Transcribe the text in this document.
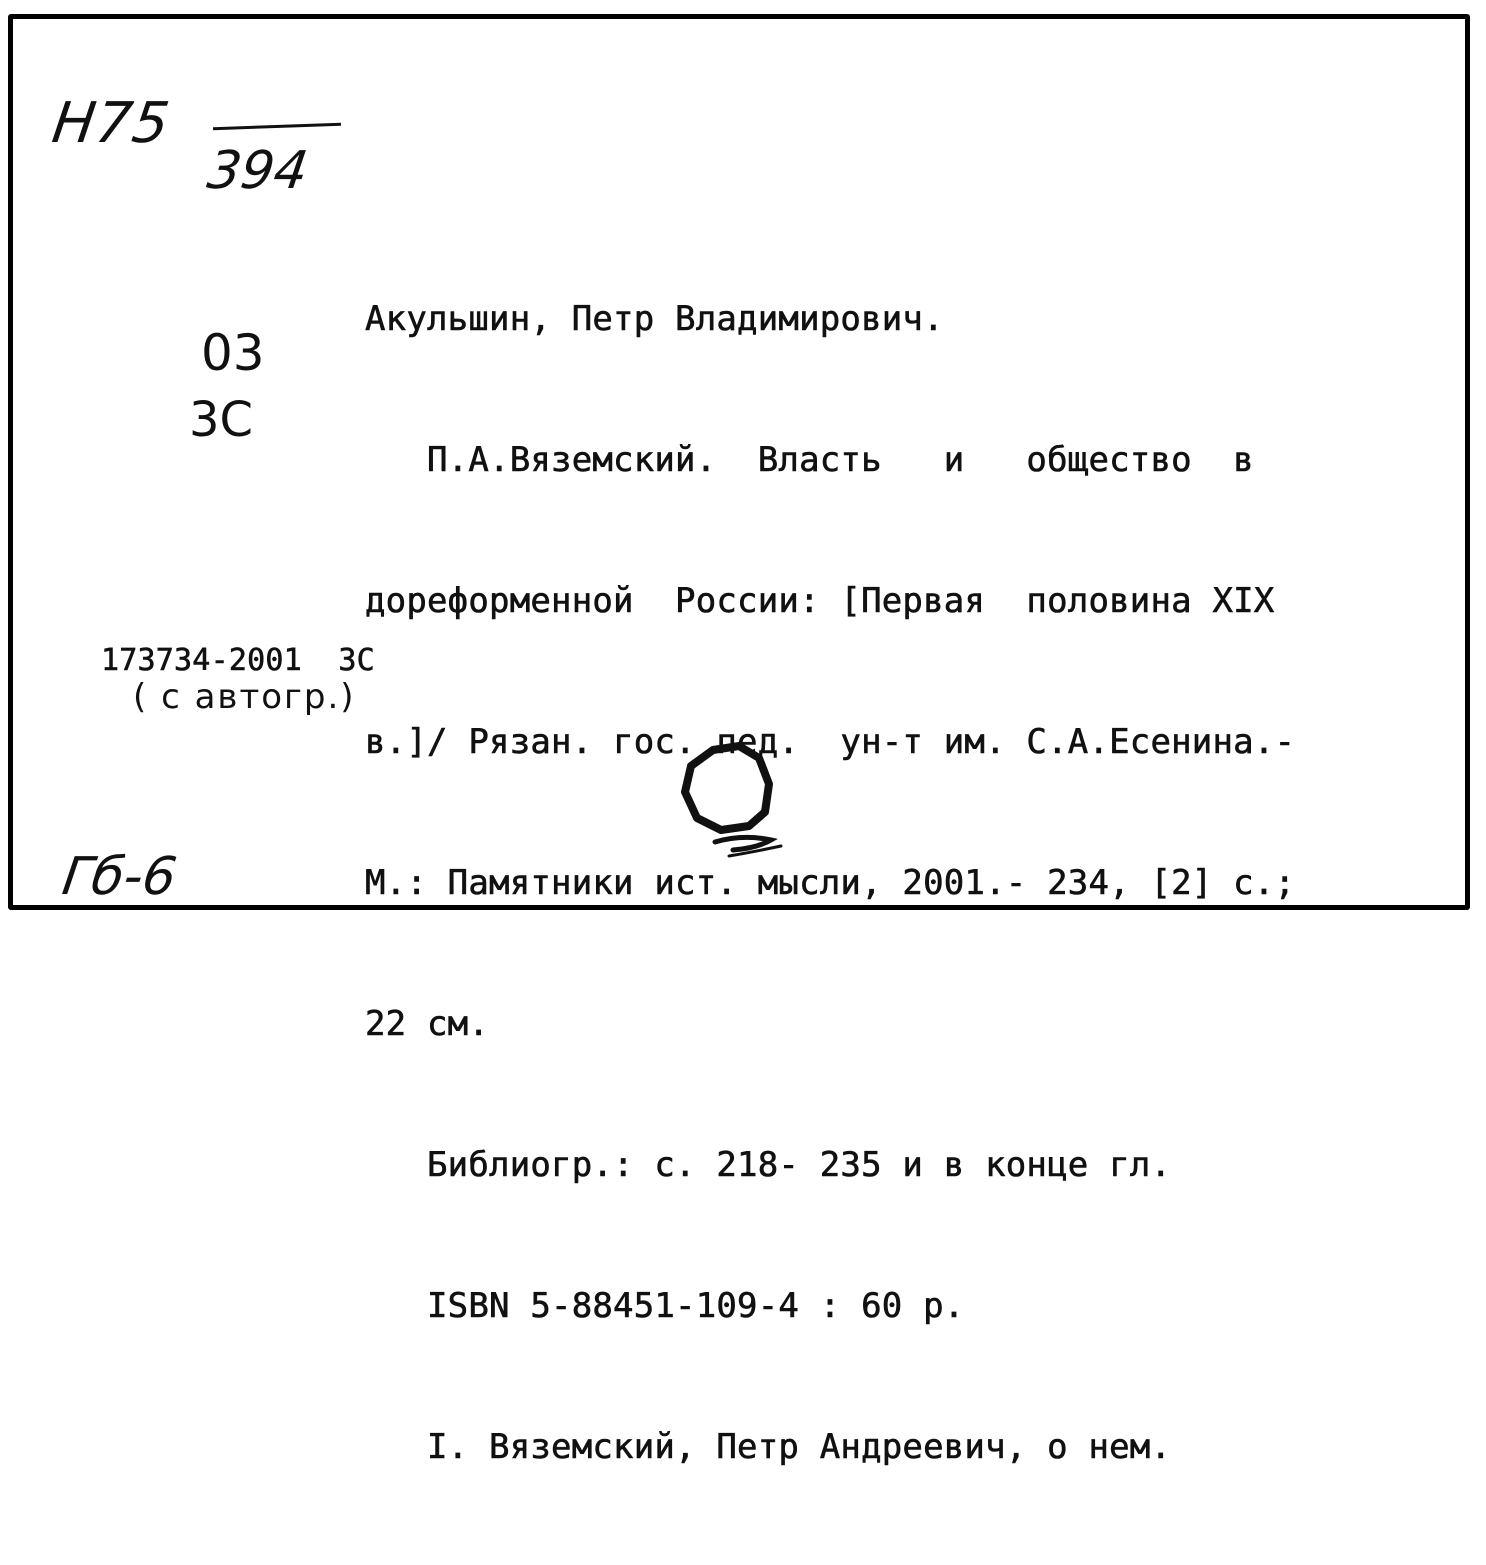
Н75
394
03
3С

Акульшин, Петр Владимирович.

П.А.Вяземский.  Власть   и   общество  в

дореформенной  России: [Первая  половина XIX

в.]/ Рязан. гос. пед.  ун-т им. С.А.Есенина.-

М.: Памятники ист. мысли, 2001.- 234, [2] с.;

22 см.

Библиогр.: с. 218- 235 и в конце гл.

ISBN 5-88451-109-4 : 60 р.

I. Вяземский, Петр Андреевич, о нем.

173734-2001  3С
( с автогр.)
Гб-6
